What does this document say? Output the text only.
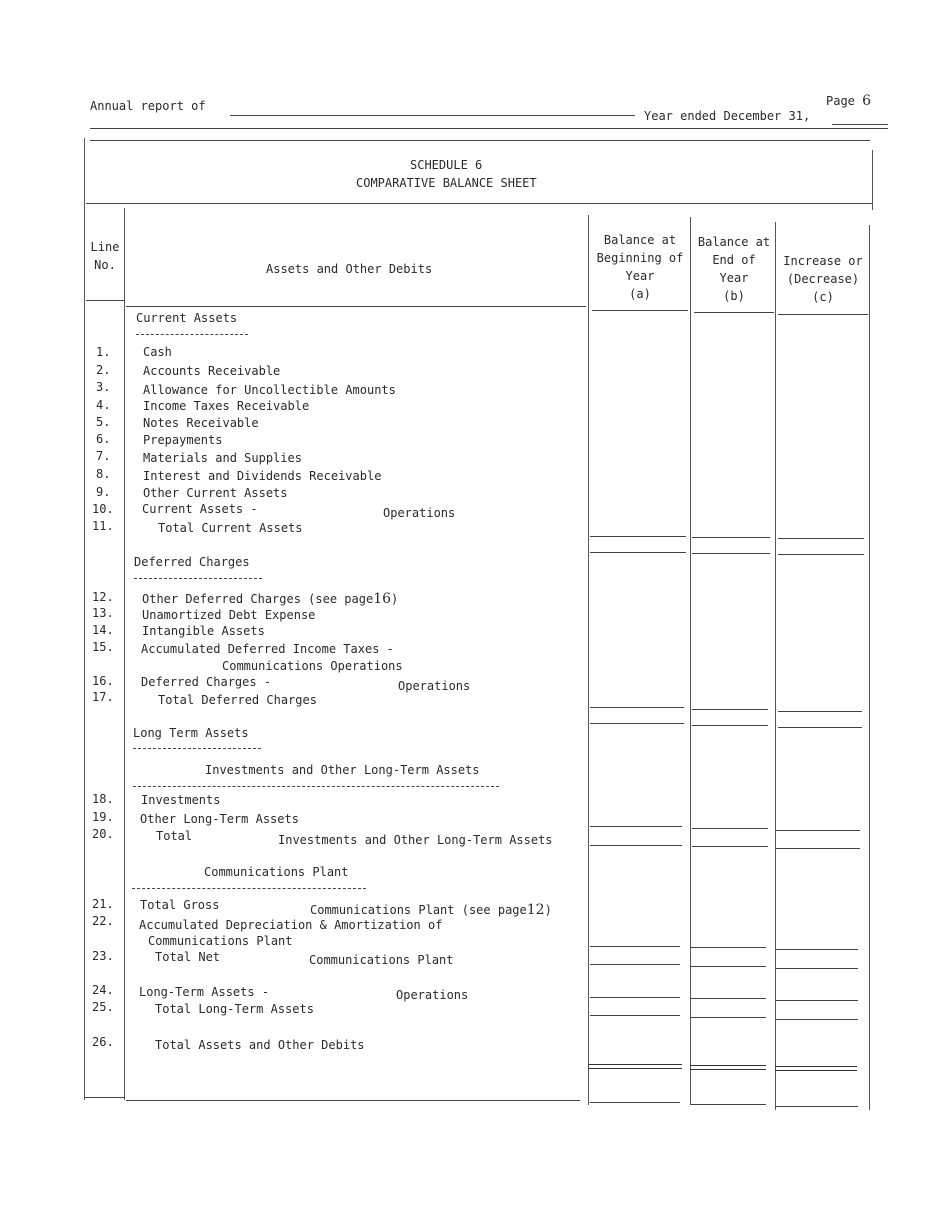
Annual report of
Year ended December 31,
Page 6
SCHEDULE 6
COMPARATIVE BALANCE SHEET
Line
No.	Assets and Other Debits
Balance at
Beginning of
Year
(a)
Balance at
End of
Year
(b)
Increase or
(Decrease)
(c)
Current Assets
1.	Cash
2.	Accounts Receivable
3.	Allowance for Uncollectible Amounts
4.	Income Taxes Receivable
5.	Notes Receivable
6.	Prepayments
7.	Materials and Supplies
8.	Interest and Dividends Receivable
9.	Other Current Assets
10. Current Assets -	Operations
11.	Total Current Assets
Deferred Charges
12. Other Deferred Charges (see page16)
13. Unamortized Debt Expense
14. Intangible Assets
15. Accumulated Deferred Income Taxes -
Communications Operations
16. Deferred Charges -	Operations
17.	Total Deferred Charges
Long Term Assets
Investments and Other Long-Term Assets
18. Investments
19. Other Long-Term Assets
20.	Total	Investments and Other Long-Term Assets
Communications Plant
21. Total Gross	Communications Plant (see page12)
22. Accumulated Depreciation & Amortization of
Communications Plant
23.	Total Net	Communications Plant
24. Long-Term Assets -	Operations
25.	Total Long-Term Assets
26.	Total Assets and Other Debits
